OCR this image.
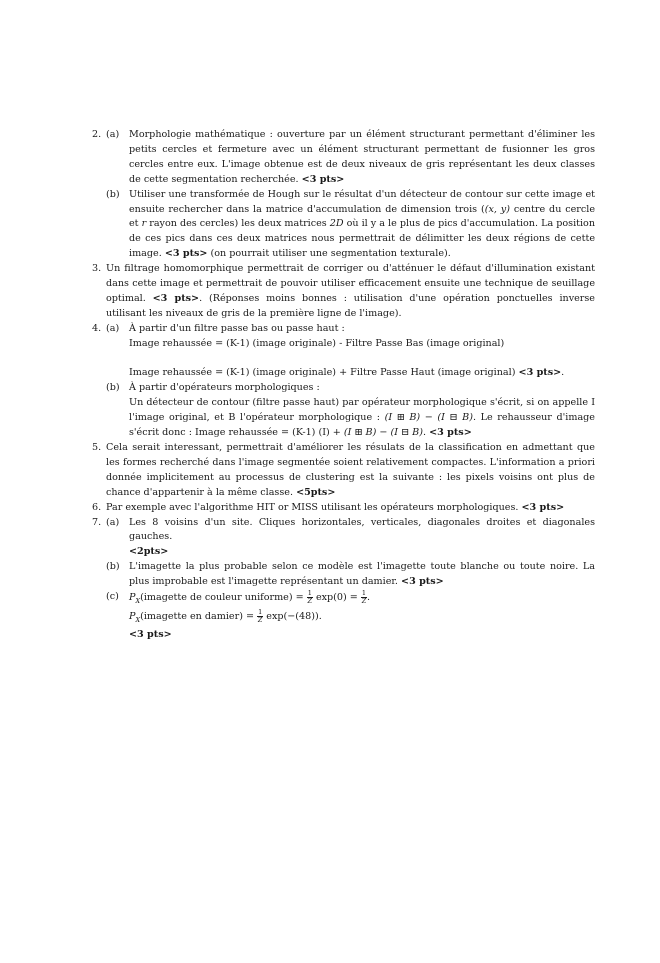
2. (a) Morphologie mathématique : ouverture par un élément structurant permettant d'éliminer les petits cercles et fermeture avec un élément structurant permettant de fusionner les gros cercles entre eux. L'image obtenue est de deux niveaux de gris représentant les deux classes de cette segmentation recherchée. <3 pts>

(b) Utiliser une transformée de Hough sur le résultat d'un détecteur de contour sur cette image et ensuite rechercher dans la matrice d'accumulation de dimension trois ((x, y) centre du cercle et r rayon des cercles) les deux matrices 2D où il y a le plus de pics d'accumulation. La position de ces pics dans ces deux matrices nous permettrait de délimitter les deux régions de cette image. <3 pts> (on pourrait utiliser une segmentation texturale).

3. Un filtrage homomorphique permettrait de corriger ou d'atténuer le défaut d'illumination existant dans cette image et permettrait de pouvoir utiliser efficacement ensuite une technique de seuillage optimal. <3 pts>. (Réponses moins bonnes : utilisation d'une opération ponctuelles inverse utilisant les niveaux de gris de la première ligne de l'image).

4. (a) À partir d'un filtre passe bas ou passe haut :

Image rehaussée = (K-1) (image originale) - Filtre Passe Bas (image original)

Image rehaussée = (K-1) (image originale) + Filtre Passe Haut (image original) <3 pts>.

(b) À partir d'opérateurs morphologiques :

Un détecteur de contour (filtre passe haut) par opérateur morphologique s'écrit, si on appelle I l'image original, et B l'opérateur morphologique : (I ⊞ B) − (I ⊟ B). Le rehausseur d'image s'écrit donc : Image rehaussée = (K-1) (I) + (I ⊞ B) − (I ⊟ B). <3 pts>

5. Cela serait interessant, permettrait d'améliorer les résulats de la classification en admettant que les formes recherché dans l'image segmentée soient relativement compactes. L'information a priori donnée implicitement au processus de clustering est la suivante : les pixels voisins ont plus de chance d'appartenir à la même classe. <5pts>

6. Par exemple avec l'algorithme HIT or MISS utilisant les opérateurs morphologiques. <3 pts>

7. (a) Les 8 voisins d'un site. Cliques horizontales, verticales, diagonales droites et diagonales gauches.
<2pts>

(b) L'imagette la plus probable selon ce modèle est l'imagette toute blanche ou toute noire. La plus improbable est l'imagette représentant un damier. <3 pts>

(c) $P_X(imagette$ de couleur uniforme) = $\frac{1}{Z} \exp(0) = \frac{1}{Z}$ .

$P_X(imagette$ en damier) = $\frac{1}{Z} \exp(-(48))$.

<3 pts>
